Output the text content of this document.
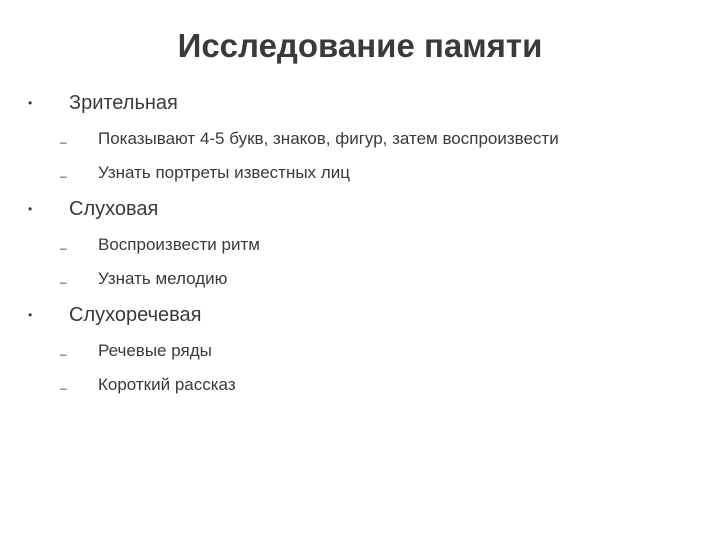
Исследование памяти
• Зрительная
– Показывают 4-5 букв, знаков, фигур, затем воспроизвести
– Узнать портреты известных лиц
• Слуховая
– Воспроизвести ритм
– Узнать мелодию
• Слухоречевая
– Речевые ряды
– Короткий рассказ
